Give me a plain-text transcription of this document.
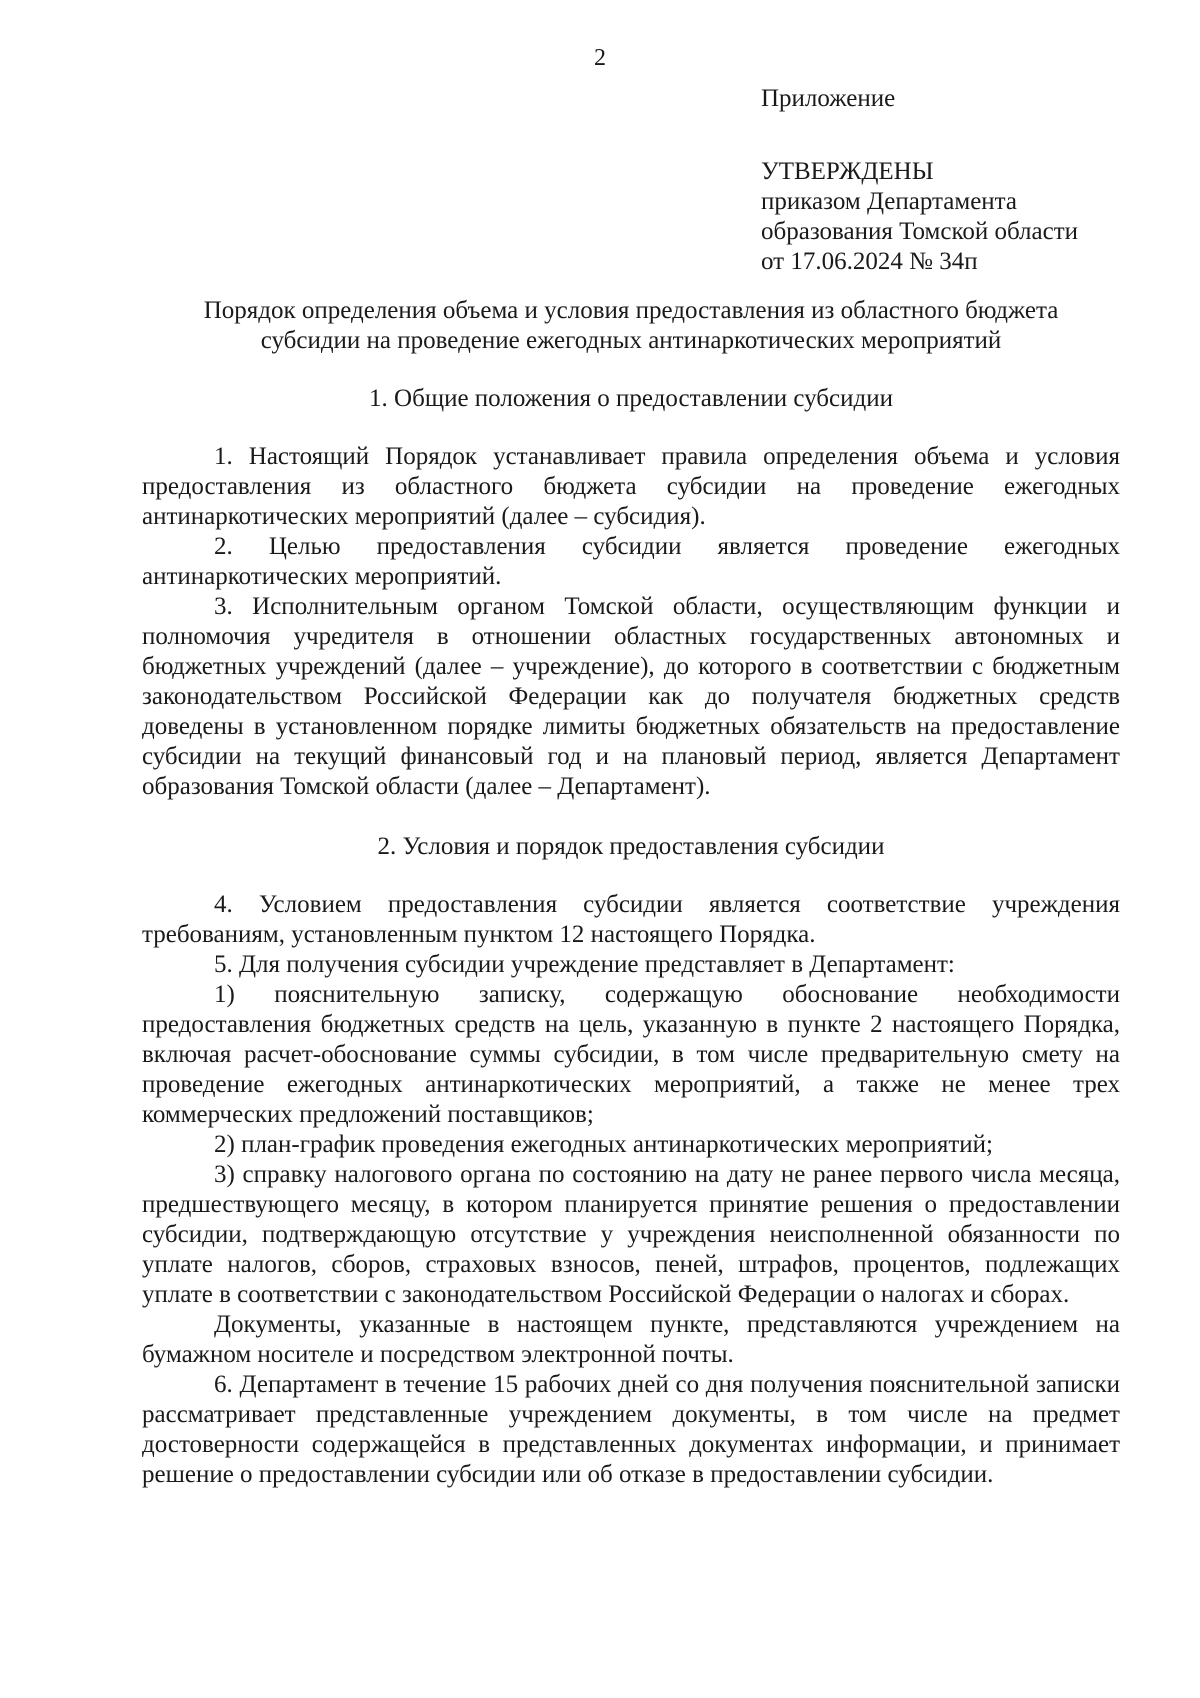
2

Приложение

УТВЕРЖДЕНЫ

приказом Департамента

образования Томской области

от 17.06.2024 № 34п

Порядок определения объема и условия предоставления из областного бюджета
субсидии на проведение ежегодных антинаркотических мероприятий

1. Общие положения о предоставлении субсидии

1. Настоящий Порядок устанавливает правила определения объема и условия предоставления из областного бюджета субсидии на проведение ежегодных антинаркотических мероприятий (далее – субсидия).

2. Целью предоставления субсидии является проведение ежегодных антинаркотических мероприятий.

3. Исполнительным органом Томской области, осуществляющим функции и полномочия учредителя в отношении областных государственных автономных и бюджетных учреждений (далее – учреждение), до которого в соответствии с бюджетным законодательством Российской Федерации как до получателя бюджетных средств доведены в установленном порядке лимиты бюджетных обязательств на предоставление субсидии на текущий финансовый год и на плановый период, является Департамент образования Томской области (далее – Департамент).

2. Условия и порядок предоставления субсидии

4. Условием предоставления субсидии является соответствие учреждения требованиям, установленным пунктом 12 настоящего Порядка.

5. Для получения субсидии учреждение представляет в Департамент:

1) пояснительную записку, содержащую обоснование необходимости предоставления бюджетных средств на цель, указанную в пункте 2 настоящего Порядка, включая расчет-обоснование суммы субсидии, в том числе предварительную смету на проведение ежегодных антинаркотических мероприятий, а также не менее трех коммерческих предложений поставщиков;

2) план-график проведения ежегодных антинаркотических мероприятий;

3) справку налогового органа по состоянию на дату не ранее первого числа месяца, предшествующего месяцу, в котором планируется принятие решения о предоставлении субсидии, подтверждающую отсутствие у учреждения неисполненной обязанности по уплате налогов, сборов, страховых взносов, пеней, штрафов, процентов, подлежащих уплате в соответствии с законодательством Российской Федерации о налогах и сборах.

Документы, указанные в настоящем пункте, представляются учреждением на бумажном носителе и посредством электронной почты.

6. Департамент в течение 15 рабочих дней со дня получения пояснительной записки рассматривает представленные учреждением документы, в том числе на предмет достоверности содержащейся в представленных документах информации, и принимает решение о предоставлении субсидии или об отказе в предоставлении субсидии.
